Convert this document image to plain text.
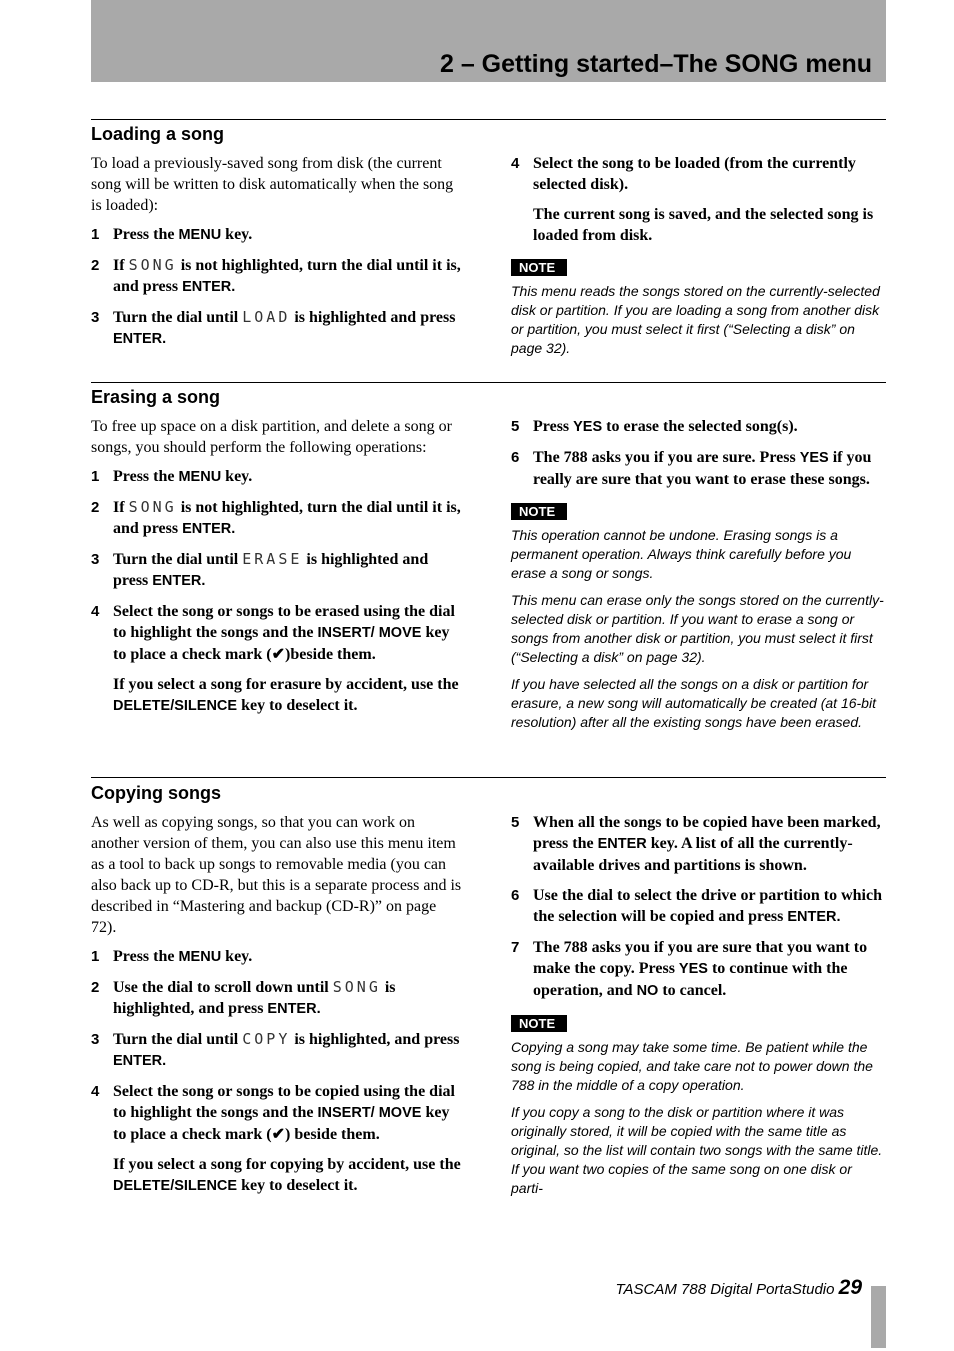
2 – Getting started–The SONG menu
Loading a song

To load a previously-saved song from disk (the current song will be written to disk automatically when the song is loaded):

1 Press the MENU key.
2 If SONG is not highlighted, turn the dial until it is, and press ENTER.
3 Turn the dial until LOAD is highlighted and press ENTER.
4 Select the song to be loaded (from the currently selected disk).
The current song is saved, and the selected song is loaded from disk.
NOTE

This menu reads the songs stored on the currently-selected disk or partition. If you are loading a song from another disk or partition, you must select it first (“Selecting a disk” on page 32).

Erasing a song

To free up space on a disk partition, and delete a song or songs, you should perform the following operations:

1 Press the MENU key.
2 If SONG is not highlighted, turn the dial until it is, and press ENTER.
3 Turn the dial until ERASE is highlighted and press ENTER.
4 Select the song or songs to be erased using the dial to highlight the songs and the INSERT/ MOVE key to place a check mark (✔)beside them.
If you select a song for erasure by accident, use the DELETE/SILENCE key to deselect it.
5 Press YES to erase the selected song(s).
6 The 788 asks you if you are sure. Press YES if you really are sure that you want to erase these songs.
NOTE

This operation cannot be undone. Erasing songs is a permanent operation. Always think carefully before you erase a song or songs.

This menu can erase only the songs stored on the currently-selected disk or partition. If you want to erase a song or songs from another disk or partition, you must select it first (“Selecting a disk” on page 32).

If you have selected all the songs on a disk or partition for erasure, a new song will automatically be created (at 16-bit resolution) after all the existing songs have been erased.

Copying songs

As well as copying songs, so that you can work on another version of them, you can also use this menu item as a tool to back up songs to removable media (you can also back up to CD-R, but this is a separate process and is described in “Mastering and backup (CD-R)” on page 72).

1 Press the MENU key.
2 Use the dial to scroll down until SONG is highlighted, and press ENTER.
3 Turn the dial until COPY is highlighted, and press ENTER.
4 Select the song or songs to be copied using the dial to highlight the songs and the INSERT/ MOVE key to place a check mark (✔) beside them.
If you select a song for copying by accident, use the DELETE/SILENCE key to deselect it.
5 When all the songs to be copied have been marked, press the ENTER key. A list of all the currently-available drives and partitions is shown.
6 Use the dial to select the drive or partition to which the selection will be copied and press ENTER.
7 The 788 asks you if you are sure that you want to make the copy. Press YES to continue with the operation, and NO to cancel.
NOTE

Copying a song may take some time. Be patient while the song is being copied, and take care not to power down the 788 in the middle of a copy operation.

If you copy a song to the disk or partition where it was originally stored, it will be copied with the same title as original, so the list will contain two songs with the same title. If you want two copies of the same song on one disk or parti-

TASCAM 788 Digital PortaStudio 29
